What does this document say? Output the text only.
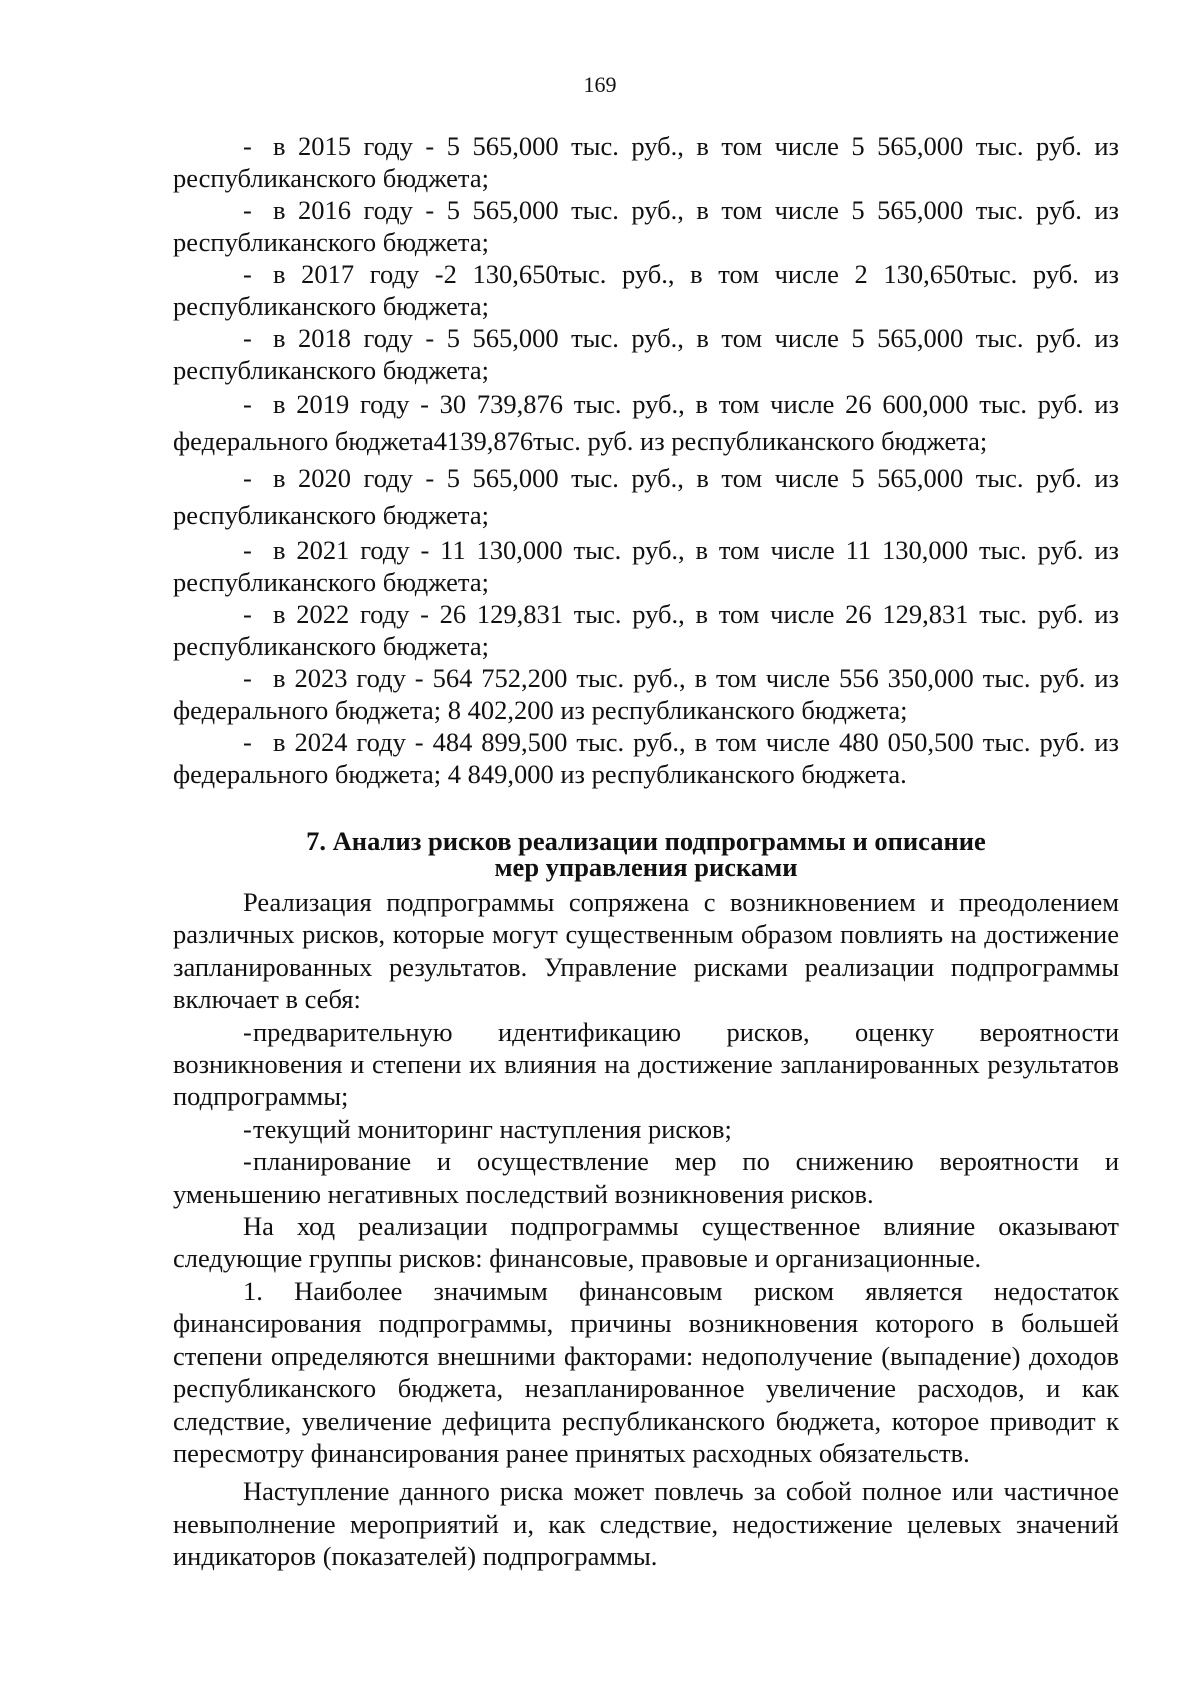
169

- в 2015 году - 5 565,000 тыс. руб., в том числе 5 565,000 тыс. руб. из республиканского бюджета;

- в 2016 году - 5 565,000 тыс. руб., в том числе 5 565,000 тыс. руб. из республиканского бюджета;

- в 2017 году -2 130,650тыс. руб., в том числе 2 130,650тыс. руб. из республиканского бюджета;

- в 2018 году - 5 565,000 тыс. руб., в том числе 5 565,000 тыс. руб. из республиканского бюджета;

- в 2019 году - 30 739,876 тыс. руб., в том числе 26 600,000 тыс. руб. из федерального бюджета4139,876тыс. руб. из республиканского бюджета;

- в 2020 году - 5 565,000 тыс. руб., в том числе 5 565,000 тыс. руб. из республиканского бюджета;

- в 2021 году - 11 130,000 тыс. руб., в том числе 11 130,000 тыс. руб. из республиканского бюджета;

- в 2022 году - 26 129,831 тыс. руб., в том числе 26 129,831 тыс. руб. из республиканского бюджета;

- в 2023 году - 564 752,200 тыс. руб., в том числе 556 350,000 тыс. руб. из федерального бюджета; 8 402,200 из республиканского бюджета;

- в 2024 году - 484 899,500 тыс. руб., в том числе 480 050,500 тыс. руб. из федерального бюджета; 4 849,000 из республиканского бюджета.

7. Анализ рисков реализации подпрограммы и описание
мер управления рисками

Реализация подпрограммы сопряжена с возникновением и преодолением различных рисков, которые могут существенным образом повлиять на достижение запланированных результатов. Управление рисками реализации подпрограммы включает в себя:

-предварительную идентификацию рисков, оценку вероятности возникновения и степени их влияния на достижение запланированных результатов подпрограммы;

-текущий мониторинг наступления рисков;

-планирование и осуществление мер по снижению вероятности и уменьшению негативных последствий возникновения рисков.

На ход реализации подпрограммы существенное влияние оказывают следующие группы рисков: финансовые, правовые и организационные.

1. Наиболее значимым финансовым риском является недостаток финансирования подпрограммы, причины возникновения которого в большей степени определяются внешними факторами: недополучение (выпадение) доходов республиканского бюджета, незапланированное увеличение расходов, и как следствие, увеличение дефицита республиканского бюджета, которое приводит к пересмотру финансирования ранее принятых расходных обязательств.

Наступление данного риска может повлечь за собой полное или частичное невыполнение мероприятий и, как следствие, недостижение целевых значений индикаторов (показателей) подпрограммы.
